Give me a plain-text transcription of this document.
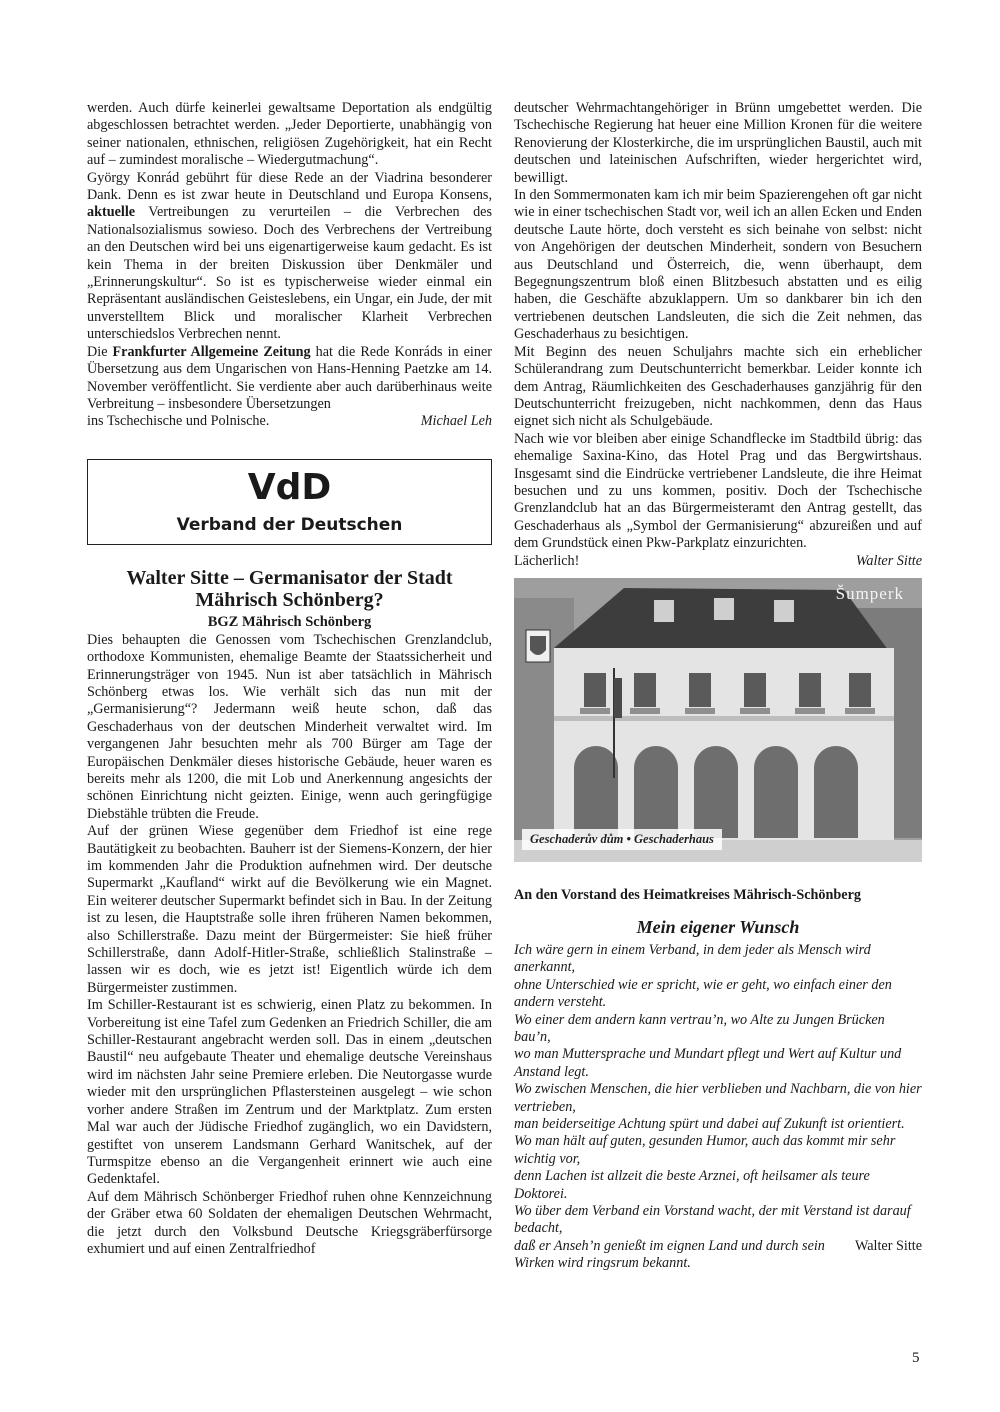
werden. Auch dürfe keinerlei gewaltsame Deportation als endgültig abgeschlossen betrachtet werden. „Jeder Deportierte, unabhängig von seiner nationalen, ethnischen, religiösen Zugehörigkeit, hat ein Recht auf – zumindest moralische – Wiedergutmachung“.

György Konrád gebührt für diese Rede an der Viadrina besonderer Dank. Denn es ist zwar heute in Deutschland und Europa Konsens, aktuelle Vertreibungen zu verurteilen – die Verbrechen des Nationalsozialismus sowieso. Doch des Verbrechens der Vertreibung an den Deutschen wird bei uns eigenartigerweise kaum gedacht. Es ist kein Thema in der breiten Diskussion über Denkmäler und „Erinnerungskultur“. So ist es typischerweise wieder einmal ein Repräsentant ausländischen Geisteslebens, ein Ungar, ein Jude, der mit unverstelltem Blick und moralischer Klarheit Verbrechen unterschiedslos Verbrechen nennt.

Die Frankfurter Allgemeine Zeitung hat die Rede Konráds in einer Übersetzung aus dem Ungarischen von Hans-Henning Paetzke am 14. November veröffentlicht. Sie verdiente aber auch darüberhinaus weite Verbreitung – insbesondere Übersetzungen

ins Tschechische und Polnische.	Michael Leh
VdD
Verband der Deutschen
Walter Sitte – Germanisator der Stadt Mährisch Schönberg?
BGZ Mährisch Schönberg

Dies behaupten die Genossen vom Tschechischen Grenzlandclub, orthodoxe Kommunisten, ehemalige Beamte der Staatssicherheit und Erinnerungsträger von 1945. Nun ist aber tatsächlich in Mährisch Schönberg etwas los. Wie verhält sich das nun mit der „Germanisierung“? Jedermann weiß heute schon, daß das Geschaderhaus von der deutschen Minderheit verwaltet wird. Im vergangenen Jahr besuchten mehr als 700 Bürger am Tage der Europäischen Denkmäler dieses historische Gebäude, heuer waren es bereits mehr als 1200, die mit Lob und Anerkennung angesichts der schönen Einrichtung nicht geizten. Einige, wenn auch geringfügige Diebstähle trübten die Freude.

Auf der grünen Wiese gegenüber dem Friedhof ist eine rege Bautätigkeit zu beobachten. Bauherr ist der Siemens-Konzern, der hier im kommenden Jahr die Produktion aufnehmen wird. Der deutsche Supermarkt „Kaufland“ wirkt auf die Bevölkerung wie ein Magnet. Ein weiterer deutscher Supermarkt befindet sich in Bau. In der Zeitung ist zu lesen, die Hauptstraße solle ihren früheren Namen bekommen, also Schillerstraße. Dazu meint der Bürgermeister: Sie hieß früher Schillerstraße, dann Adolf-Hitler-Straße, schließlich Stalinstraße – lassen wir es doch, wie es jetzt ist! Eigentlich würde ich dem Bürgermeister zustimmen.

Im Schiller-Restaurant ist es schwierig, einen Platz zu bekommen. In Vorbereitung ist eine Tafel zum Gedenken an Friedrich Schiller, die am Schiller-Restaurant angebracht werden soll. Das in einem „deutschen Baustil“ neu aufgebaute Theater und ehemalige deutsche Vereinshaus wird im nächsten Jahr seine Premiere erleben. Die Neutorgasse wurde wieder mit den ursprünglichen Pflastersteinen ausgelegt – wie schon vorher andere Straßen im Zentrum und der Marktplatz. Zum ersten Mal war auch der Jüdische Friedhof zugänglich, wo ein Davidstern, gestiftet von unserem Landsmann Gerhard Wanitschek, auf der Turmspitze ebenso an die Vergangenheit erinnert wie auch eine Gedenktafel.

Auf dem Mährisch Schönberger Friedhof ruhen ohne Kennzeichnung der Gräber etwa 60 Soldaten der ehemaligen Deutschen Wehrmacht, die jetzt durch den Volksbund Deutsche Kriegsgräberfürsorge exhumiert und auf einen Zentralfriedhof

deutscher Wehrmachtangehöriger in Brünn umgebettet werden. Die Tschechische Regierung hat heuer eine Million Kronen für die weitere Renovierung der Klosterkirche, die im ursprünglichen Baustil, auch mit deutschen und lateinischen Aufschriften, wieder hergerichtet wird, bewilligt.

In den Sommermonaten kam ich mir beim Spazierengehen oft gar nicht wie in einer tschechischen Stadt vor, weil ich an allen Ecken und Enden deutsche Laute hörte, doch versteht es sich beinahe von selbst: nicht von Angehörigen der deutschen Minderheit, sondern von Besuchern aus Deutschland und Österreich, die, wenn überhaupt, dem Begegnungszentrum bloß einen Blitzbesuch abstatten und es eilig haben, die Geschäfte abzuklappern. Um so dankbarer bin ich den vertriebenen deutschen Landsleuten, die sich die Zeit nehmen, das Geschaderhaus zu besichtigen.

Mit Beginn des neuen Schuljahrs machte sich ein erheblicher Schülerandrang zum Deutschunterricht bemerkbar. Leider konnte ich dem Antrag, Räumlichkeiten des Geschaderhauses ganzjährig für den Deutschunterricht freizugeben, nicht nachkommen, denn das Haus eignet sich nicht als Schulgebäude.

Nach wie vor bleiben aber einige Schandflecke im Stadtbild übrig: das ehemalige Saxina-Kino, das Hotel Prag und das Bergwirtshaus. Insgesamt sind die Eindrücke vertriebener Landsleute, die ihre Heimat besuchen und zu uns kommen, positiv. Doch der Tschechische Grenzlandclub hat an das Bürgermeisteramt den Antrag gestellt, das Geschaderhaus als „Symbol der Germanisierung“ abzureißen und auf dem Grundstück einen Pkw-Parkplatz einzurichten.

Lächerlich!	Walter Sitte
Šumperk
Geschaderův dům • Geschaderhaus
An den Vorstand des Heimatkreises Mährisch-Schönberg
Mein eigener Wunsch

Ich wäre gern in einem Verband, in dem jeder als Mensch wird anerkannt,

ohne Unterschied wie er spricht, wie er geht, wo einfach einer den andern versteht.

Wo einer dem andern kann vertrau’n, wo Alte zu Jungen Brücken bau’n,

wo man Muttersprache und Mundart pflegt und Wert auf Kultur und Anstand legt.

Wo zwischen Menschen, die hier verblieben und Nachbarn, die von hier vertrieben,

man beiderseitige Achtung spürt und dabei auf Zukunft ist orientiert.

Wo man hält auf guten, gesunden Humor, auch das kommt mir sehr wichtig vor,

denn Lachen ist allzeit die beste Arznei, oft heilsamer als teure Doktorei.

Wo über dem Verband ein Vorstand wacht, der mit Verstand ist darauf bedacht,

daß er Anseh’n genießt im eignen Land und durch sein Wirken wird ringsrum bekannt.
Walter Sitte
5
